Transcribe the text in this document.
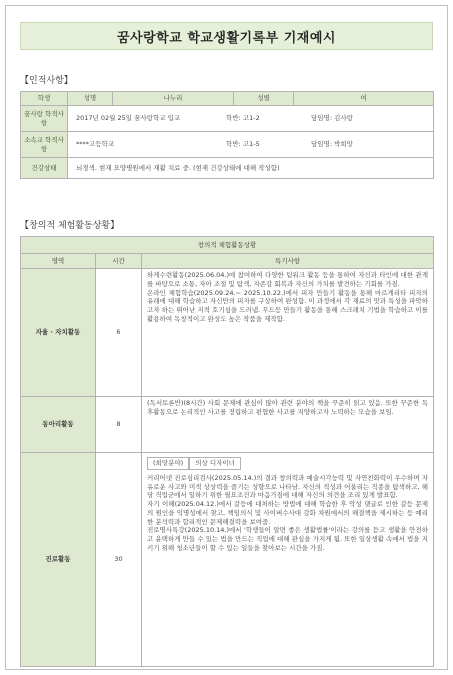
꿈사랑학교 학교생활기록부 기재예시
【인적사항】
학생	성명	나누리	성별	여
꿈사랑 학적사항	2017년 02월 25일 꿈사랑학교 입교 학반: 고1-2 담임명: 김사랑			
소속교 학적사항	****고등학교 학반: 고1-5 담임명: 박희망			
건강상태	뇌경색. 현재 요양병원에서 재활 치료 중. (현재 건강상태에 대해 작성함)			
【창의적 체험활동상황】
창의적 체험활동상황		
영역	시간	특기사항
자율 · 자치활동	6	하게수련활동(2025.06.04.)에 참여하여 다양한 팀워크 활동 등을 통하여 자신과 타인에 대한 관계를 바탕으로 소통, 자아 조절 및 탐색, 자존감 회복과 자신의 가치를 발견하는 기회를 가짐.

온라인 체험학습(2025.09.24.~ 2025.10.22.)에서 피자 만들기 활동을 통해 마르게리타 피자의 유래에 대해 학습하고 자신만의 피자를 구상하여 완성함. 이 과정에서 각 재료의 맛과 특성을 파악하고자 하는 뛰어난 지적 호기심을 드러냄. 무드등 만들기 활동을 통해 스크래치 기법을 학습하고 이를 활용하여 독창적이고 완성도 높은 작품을 제작함.

동아리활동	8	(독서토론반)(8시간) 사회 문제에 관심이 많아 관련 분야의 책을 꾸준히 읽고 있음. 또한 꾸준한 독후활동으로 논리적인 사고를 정립하고 편협한 사고를 지양하고자 노력하는 모습을 보임.

진로활동	30	(희망분야) 의상 디자이너

커리어넷 진로심리검사(2025.05.14.)의 결과 창의력과 예술시각능력 및 자연친화력이 우수하며 자유로운 사고와 미적 상상력을 즐기는 성향으로 나타남. 자신의 적성과 어울리는 직종을 탐색하고, 해당 직업군에서 일하기 위한 필요조건과 마음가짐에 대해 자신의 의견을 조리 있게 발표함.

자기 이해(2025.04.12.)에서 갈등에 대처하는 방법에 대해 학습한 후 악성 댓글로 인한 갈등 문제의 원인을 익명성에서 찾고, 책임의식 및 사이버수사대 강화 차원에서의 해결책을 제시하는 등 예리한 분석력과 합리적인 문제해결력을 보여줌.

진로명사특강(2025.10.14.)에서 '학생들이 알면 좋은 생활법률'이라는 강의를 듣고 생활을 안전하고 윤택하게 만들 수 있는 법을 만드는 직업에 대해 관심을 가지게 됨. 또한 일상생활 속에서 법을 지키기 위해 청소년들이 할 수 있는 일들을 찾아보는 시간을 가짐.
